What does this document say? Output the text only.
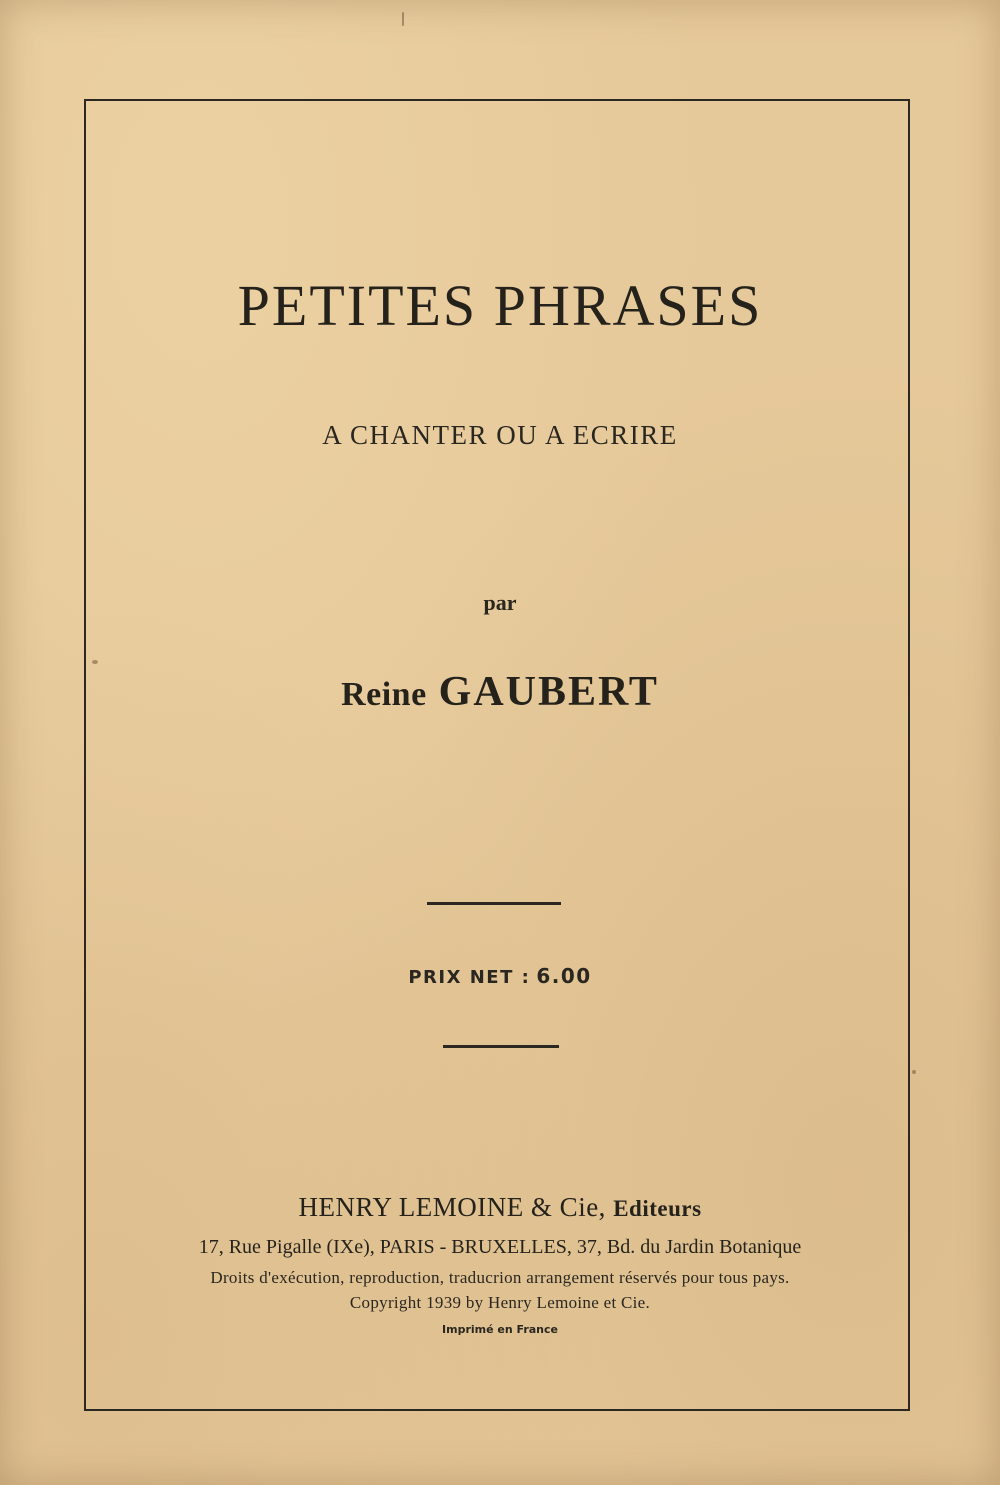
PETITES PHRASES
A CHANTER OU A ECRIRE
par
Reine GAUBERT
PRIX NET : 6.00
HENRY LEMOINE & Cie, Editeurs
17, Rue Pigalle (IXe), PARIS - BRUXELLES, 37, Bd. du Jardin Botanique
Droits d'exécution, reproduction, traducrion arrangement réservés pour tous pays.
Copyright 1939 by Henry Lemoine et Cie.
Imprimé en France
